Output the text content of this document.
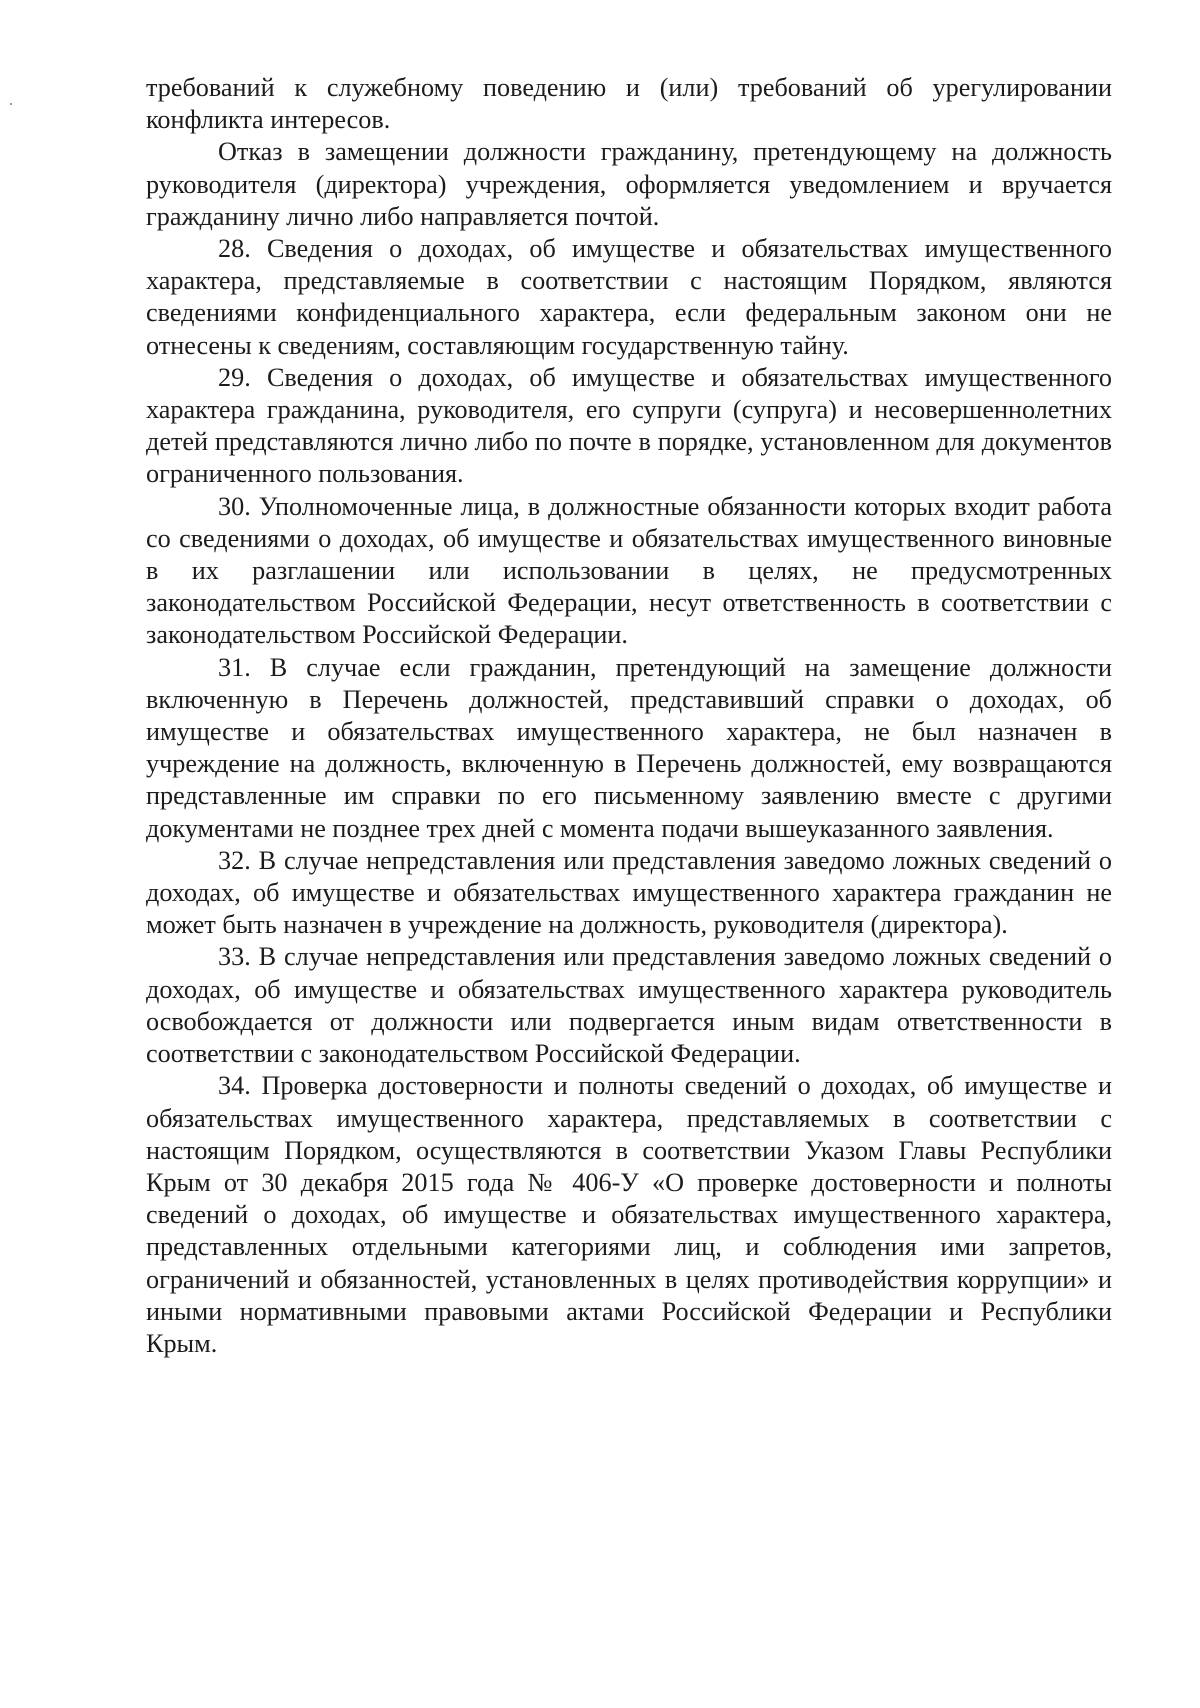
требований к служебному поведению и (или) требований об урегулировании конфликта интересов.

Отказ в замещении должности гражданину, претендующему на должность руководителя (директора) учреждения, оформляется уведомлением и вручается гражданину лично либо направляется почтой.

28. Сведения о доходах, об имуществе и обязательствах имущественного характера, представляемые в соответствии с настоящим Порядком, являются сведениями конфиденциального характера, если федеральным законом они не отнесены к сведениям, составляющим государственную тайну.

29. Сведения о доходах, об имуществе и обязательствах имущественного характера гражданина, руководителя, его супруги (супруга) и несовершеннолетних детей представляются лично либо по почте в порядке, установленном для документов ограниченного пользования.

30. Уполномоченные лица, в должностные обязанности которых входит работа со сведениями о доходах, об имуществе и обязательствах имущественного виновные в их разглашении или использовании в целях, не предусмотренных законодательством Российской Федерации, несут ответственность в соответствии с законодательством Российской Федерации.

31. В случае если гражданин, претендующий на замещение должности включенную в Перечень должностей, представивший справки о доходах, об имуществе и обязательствах имущественного характера, не был назначен в учреждение на должность, включенную в Перечень должностей, ему возвращаются представленные им справки по его письменному заявлению вместе с другими документами не позднее трех дней с момента подачи вышеуказанного заявления.

32. В случае непредставления или представления заведомо ложных сведений о доходах, об имуществе и обязательствах имущественного характера гражданин не может быть назначен в учреждение на должность, руководителя (директора).

33. В случае непредставления или представления заведомо ложных сведений о доходах, об имуществе и обязательствах имущественного характера руководитель освобождается от должности или подвергается иным видам ответственности в соответствии с законодательством Российской Федерации.

34. Проверка достоверности и полноты сведений о доходах, об имуществе и обязательствах имущественного характера, представляемых в соответствии с настоящим Порядком, осуществляются в соответствии Указом Главы Республики Крым от 30 декабря 2015 года № 406-У «О проверке достоверности и полноты сведений о доходах, об имуществе и обязательствах имущественного характера, представленных отдельными категориями лиц, и соблюдения ими запретов, ограничений и обязанностей, установленных в целях противодействия коррупции» и иными нормативными правовыми актами Российской Федерации и Республики Крым.
